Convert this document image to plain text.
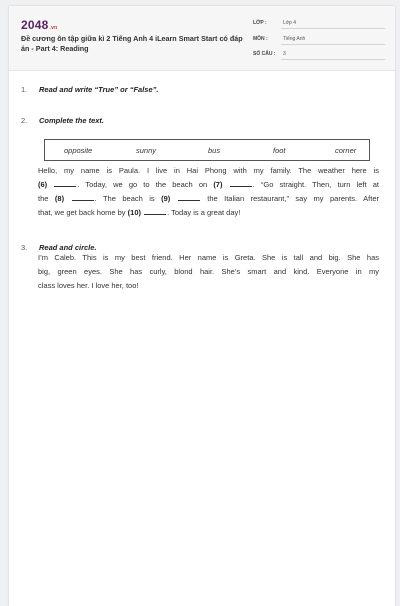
2048.vn
Đề cương ôn tập giữa kì 2 Tiếng Anh 4 iLearn Smart Start có đáp án - Part 4: Reading
LỚP :	Lớp 4
MÔN :	Tiếng Anh
SỐ CÂU : 3
1. Read and write “True” or “False”.
2. Complete the text.
opposite	sunny	bus	foot	corner
Hello, my name is Paula. I live in Hai Phong with my family. The weather here is
(6)	. Today, we go to the beach on (7)	. “Go straight. Then, turn left at
the (8)	. The beach is (9)	the Italian restaurant,” say my parents. After
that, we get back home by (10)	. Today is a great day!
3. Read and circle.
I’m Caleb. This is my best friend. Her name is Greta. She is tall and big. She has
big, green eyes. She has curly, blond hair. She’s smart and kind. Everyone in my
class loves her. I love her, too!
